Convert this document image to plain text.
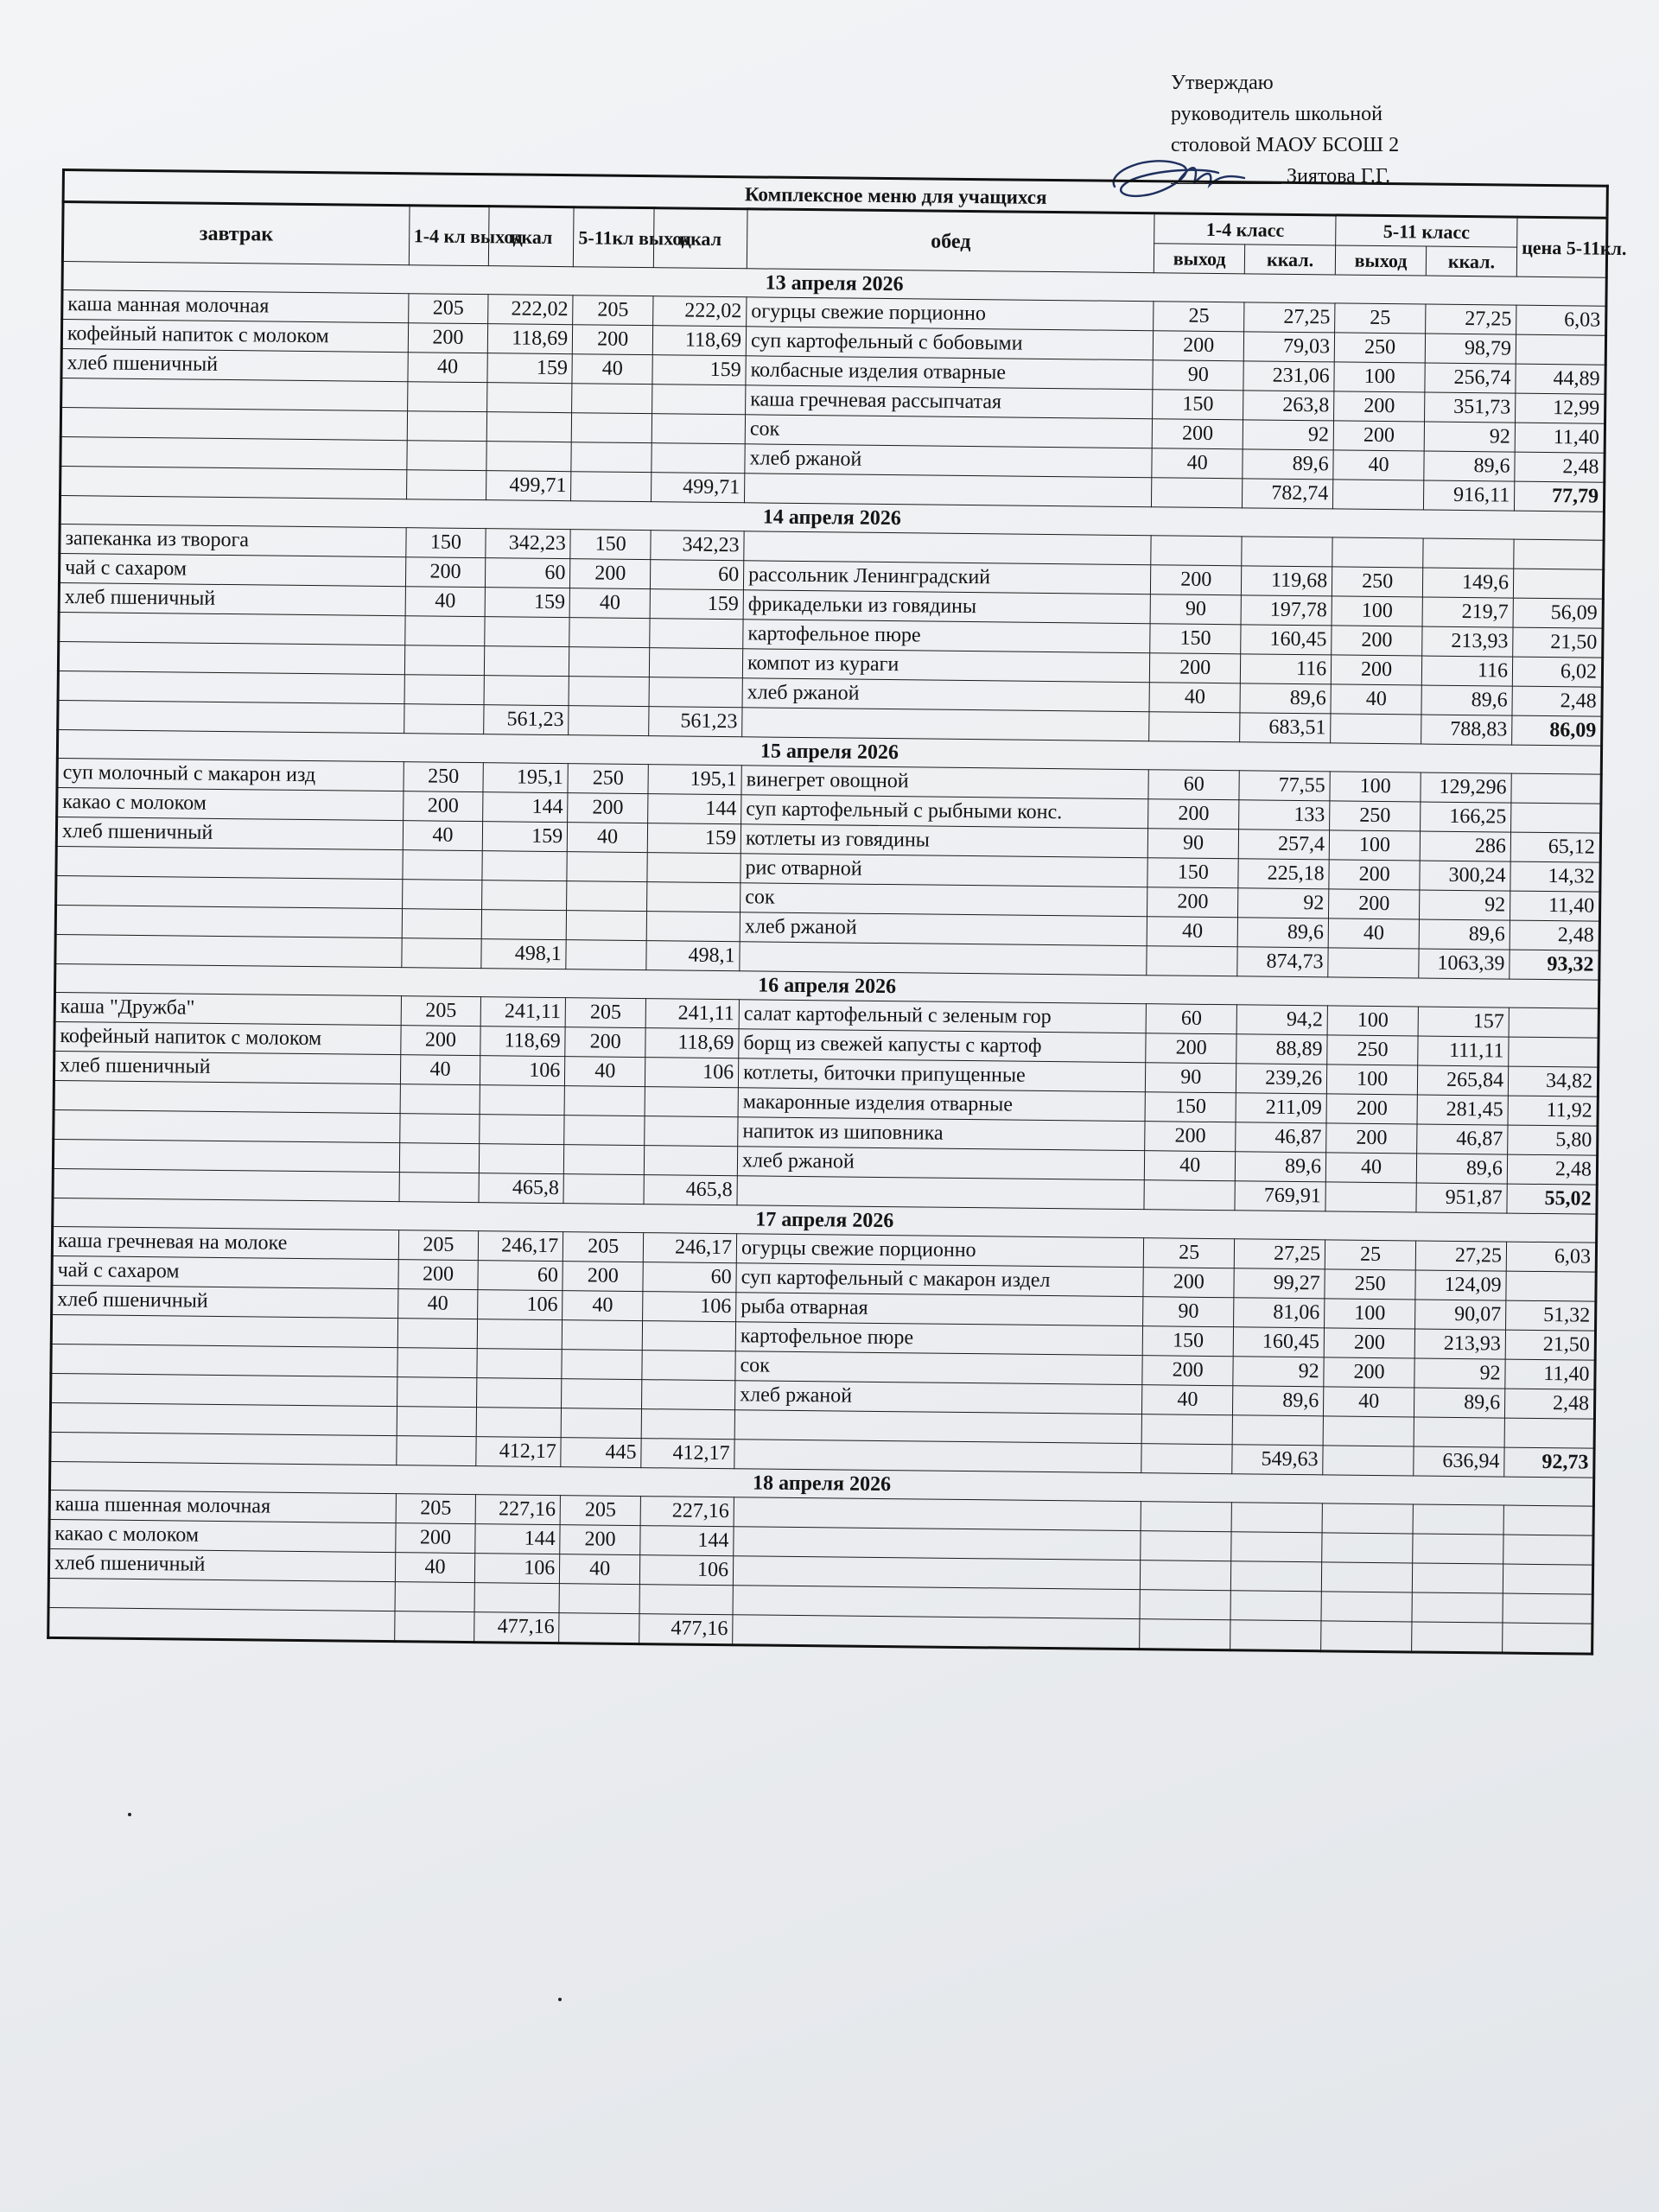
Утверждаю
руководитель школьной
столовой МАОУ БСОШ 2
Зиятова Г.Г.
Комплексное меню для учащихся
завтрак	1-4 кл выход	ккал	5-11кл выход	ккал	обед	1-4 класс		5-11 класс		цена 5-11кл.
						выход	ккал.	выход	ккал.	
13 апреля 2026										
каша манная молочная	205	222,02	205	222,02	огурцы свежие порционно	25	27,25	25	27,25	6,03
кофейный напиток с молоком	200	118,69	200	118,69	суп картофельный с бобовыми	200	79,03	250	98,79	
хлеб пшеничный	40	159	40	159	колбасные изделия отварные	90	231,06	100	256,74	44,89
					каша гречневая рассыпчатая	150	263,8	200	351,73	12,99
					сок	200	92	200	92	11,40
					хлеб ржаной	40	89,6	40	89,6	2,48
		499,71		499,71			782,74		916,11	77,79
14 апреля 2026										
запеканка из творога	150	342,23	150	342,23						
чай с сахаром	200	60	200	60	рассольник Ленинградский	200	119,68	250	149,6	
хлеб пшеничный	40	159	40	159	фрикадельки из говядины	90	197,78	100	219,7	56,09
					картофельное пюре	150	160,45	200	213,93	21,50
					компот из кураги	200	116	200	116	6,02
					хлеб ржаной	40	89,6	40	89,6	2,48
		561,23		561,23			683,51		788,83	86,09
15 апреля 2026										
суп молочный с макарон изд	250	195,1	250	195,1	винегрет овощной	60	77,55	100	129,296	
какао с молоком	200	144	200	144	суп картофельный с рыбными конс.	200	133	250	166,25	
хлеб пшеничный	40	159	40	159	котлеты из говядины	90	257,4	100	286	65,12
					рис отварной	150	225,18	200	300,24	14,32
					сок	200	92	200	92	11,40
					хлеб ржаной	40	89,6	40	89,6	2,48
		498,1		498,1			874,73		1063,39	93,32
16 апреля 2026										
каша "Дружба"	205	241,11	205	241,11	салат картофельный с зеленым гор	60	94,2	100	157	
кофейный напиток с молоком	200	118,69	200	118,69	борщ из свежей капусты с картоф	200	88,89	250	111,11	
хлеб пшеничный	40	106	40	106	котлеты, биточки припущенные	90	239,26	100	265,84	34,82
					макаронные изделия отварные	150	211,09	200	281,45	11,92
					напиток из шиповника	200	46,87	200	46,87	5,80
					хлеб ржаной	40	89,6	40	89,6	2,48
		465,8		465,8			769,91		951,87	55,02
17 апреля 2026										
каша гречневая на молоке	205	246,17	205	246,17	огурцы свежие порционно	25	27,25	25	27,25	6,03
чай с сахаром	200	60	200	60	суп картофельный с макарон издел	200	99,27	250	124,09	
хлеб пшеничный	40	106	40	106	рыба отварная	90	81,06	100	90,07	51,32
					картофельное пюре	150	160,45	200	213,93	21,50
					сок	200	92	200	92	11,40
					хлеб ржаной	40	89,6	40	89,6	2,48

		412,17	445	412,17			549,63		636,94	92,73
18 апреля 2026										
каша пшенная молочная	205	227,16	205	227,16						
какао с молоком	200	144	200	144						
хлеб пшеничный	40	106	40	106						

		477,16		477,16						
